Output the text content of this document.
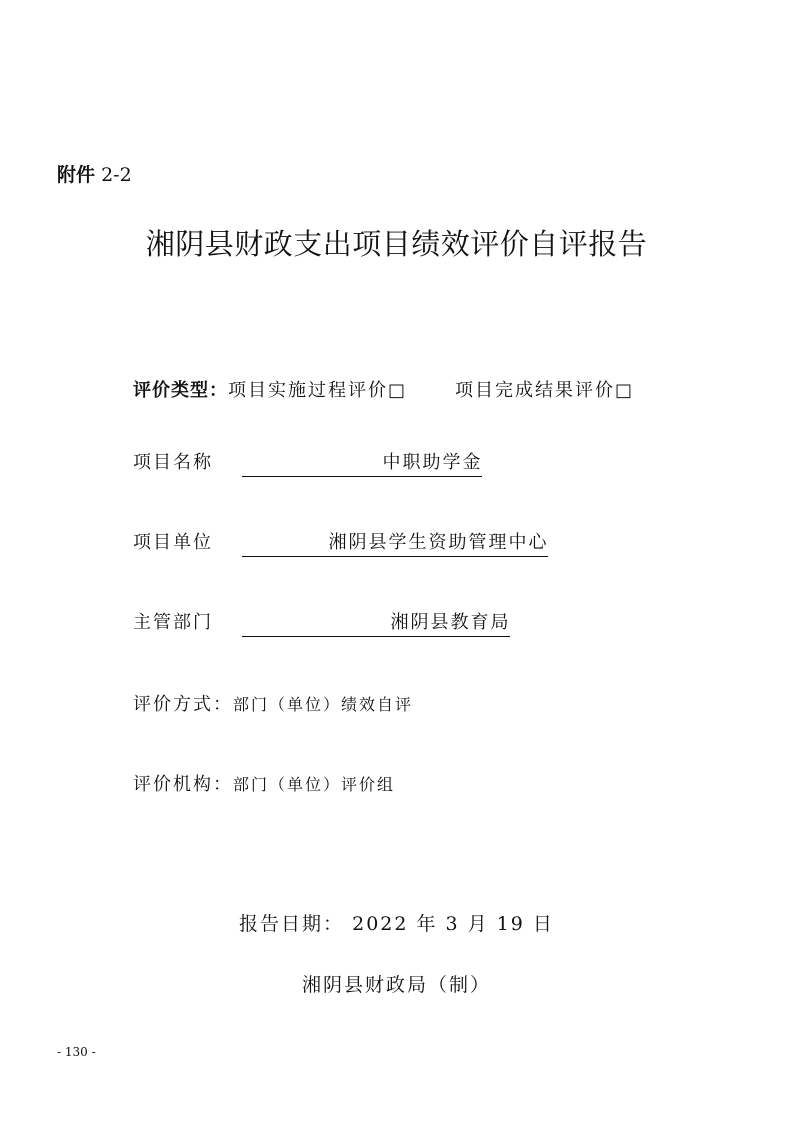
附件 2-2
湘阴县财政支出项目绩效评价自评报告
评价类型：项目实施过程评价□	项目完成结果评价□
项目名称	中职助学金
项目单位	湘阴县学生资助管理中心
主管部门	湘阴县教育局
评价方式：部门（单位）绩效自评
评价机构：部门（单位）评价组
报告日期： 2022 年 3 月 19 日
湘阴县财政局（制）
- 130 -
